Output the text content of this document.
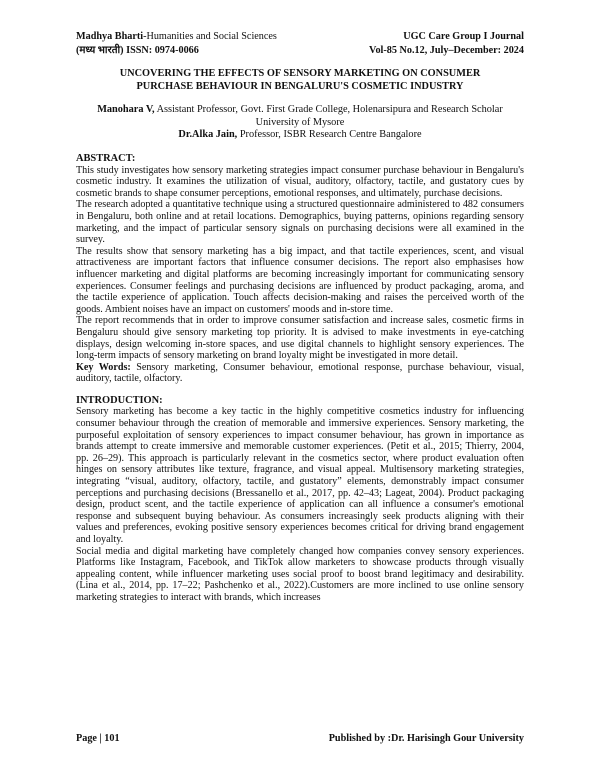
Madhya Bharti-Humanities and Social Sciences	UGC Care Group I Journal
(मध्य भारती) ISSN: 0974-0066	Vol-85 No.12, July–December: 2024
UNCOVERING THE EFFECTS OF SENSORY MARKETING ON CONSUMER
PURCHASE BEHAVIOUR IN BENGALURU'S COSMETIC INDUSTRY
Manohara V, Assistant Professor, Govt. First Grade College, Holenarsipura and Research Scholar
University of Mysore
Dr.Alka Jain, Professor, ISBR Research Centre Bangalore
ABSTRACT:

This study investigates how sensory marketing strategies impact consumer purchase behaviour in Bengaluru's cosmetic industry. It examines the utilization of visual, auditory, olfactory, tactile, and gustatory cues by cosmetic brands to shape consumer perceptions, emotional responses, and ultimately, purchase decisions.

The research adopted a quantitative technique using a structured questionnaire administered to 482 consumers in Bengaluru, both online and at retail locations. Demographics, buying patterns, opinions regarding sensory marketing, and the impact of particular sensory signals on purchasing decisions were all examined in the survey.

The results show that sensory marketing has a big impact, and that tactile experiences, scent, and visual attractiveness are important factors that influence consumer decisions. The report also emphasises how influencer marketing and digital platforms are becoming increasingly important for communicating sensory experiences. Consumer feelings and purchasing decisions are influenced by product packaging, aroma, and the tactile experience of application. Touch affects decision-making and raises the perceived worth of the goods. Ambient noises have an impact on customers' moods and in-store time.

The report recommends that in order to improve consumer satisfaction and increase sales, cosmetic firms in Bengaluru should give sensory marketing top priority. It is advised to make investments in eye-catching displays, design welcoming in-store spaces, and use digital channels to highlight sensory experiences. The long-term impacts of sensory marketing on brand loyalty might be investigated in more detail.

Key Words: Sensory marketing, Consumer behaviour, emotional response, purchase behaviour, visual, auditory, tactile, olfactory.

INTRODUCTION:

Sensory marketing has become a key tactic in the highly competitive cosmetics industry for influencing consumer behaviour through the creation of memorable and immersive experiences. Sensory marketing, the purposeful exploitation of sensory experiences to impact consumer behaviour, has grown in importance as brands attempt to create immersive and memorable customer experiences. (Petit et al., 2015; Thierry, 2004, pp. 26–29). This approach is particularly relevant in the cosmetics sector, where product evaluation often hinges on sensory attributes like texture, fragrance, and visual appeal. Multisensory marketing strategies, integrating “visual, auditory, olfactory, tactile, and gustatory” elements, demonstrably impact consumer perceptions and purchasing decisions (Bressanello et al., 2017, pp. 42–43; Lageat, 2004). Product packaging design, product scent, and the tactile experience of application can all influence a consumer's emotional response and subsequent buying behaviour. As consumers increasingly seek products aligning with their values and preferences, evoking positive sensory experiences becomes critical for driving brand engagement and loyalty.

Social media and digital marketing have completely changed how companies convey sensory experiences. Platforms like Instagram, Facebook, and TikTok allow marketers to showcase products through visually appealing content, while influencer marketing uses social proof to boost brand legitimacy and desirability. (Lina et al., 2014, pp. 17–22; Pashchenko et al., 2022).Customers are more inclined to use online sensory marketing strategies to interact with brands, which increases

Page | 101	Published by :Dr. Harisingh Gour University
